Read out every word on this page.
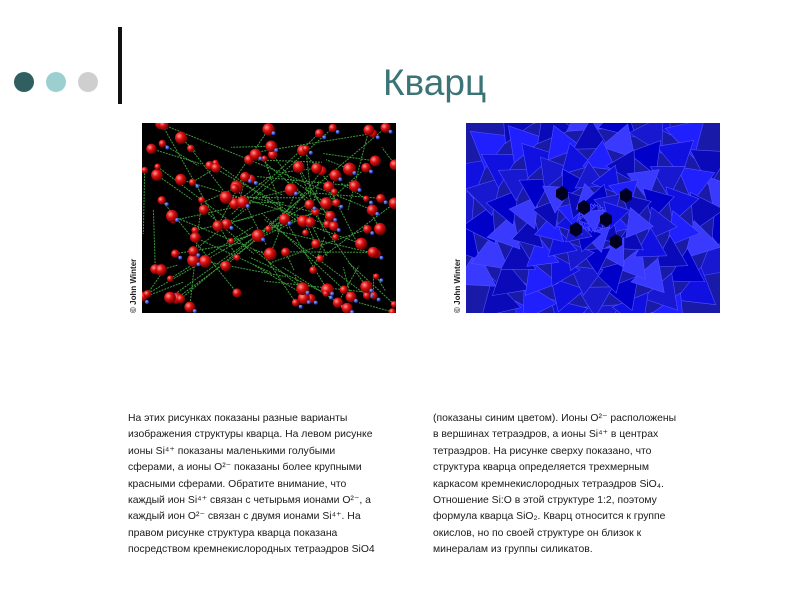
Кварц
© John Winter	© John Winter
На этих рисунках показаны разные варианты
изображения структуры кварца. На левом рисунке
ионы Si⁴⁺ показаны маленькими голубыми
сферами, а ионы O²⁻ показаны более крупными
красными сферами. Обратите внимание, что
каждый ион Si⁴⁺ связан с четырьмя ионами O²⁻, а
каждый ион O²⁻ связан с двумя ионами Si⁴⁺. На
правом рисунке структура кварца показана
посредством кремнекислородных тетраэдров SiO4
(показаны синим цветом). Ионы O²⁻ расположены
в вершинах тетраэдров, а ионы Si⁴⁺ в центрах
тетраэдров. На рисунке сверху показано, что
структура кварца определяется трехмерным
каркасом кремнекислородных тетраэдров SiO₄.
Отношение Si:O в этой структуре 1:2, поэтому
формула кварца SiO₂. Кварц относится к группе
окислов, но по своей структуре он близок к
минералам из группы силикатов.
